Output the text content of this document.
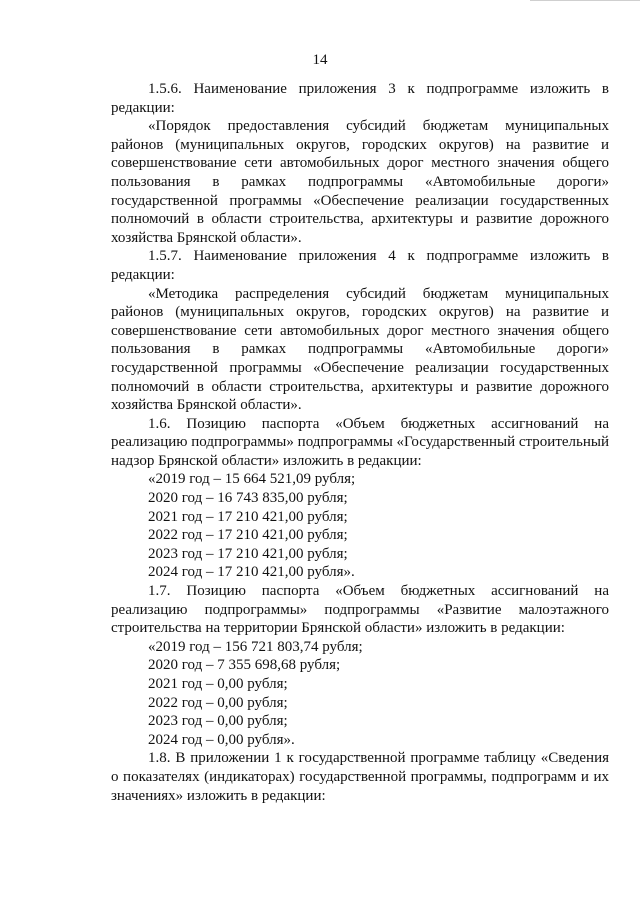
14

1.5.6. Наименование приложения 3 к подпрограмме изложить в редакции:

«Порядок предоставления субсидий бюджетам муниципальных районов (муниципальных округов, городских округов) на развитие и совершенствование сети автомобильных дорог местного значения общего пользования в рамках подпрограммы «Автомобильные дороги» государственной программы «Обеспечение реализации государственных полномочий в области строительства, архитектуры и развитие дорожного хозяйства Брянской области».

1.5.7. Наименование приложения 4 к подпрограмме изложить в редакции:

«Методика распределения субсидий бюджетам муниципальных районов (муниципальных округов, городских округов) на развитие и совершенствование сети автомобильных дорог местного значения общего пользования в рамках подпрограммы «Автомобильные дороги» государственной программы «Обеспечение реализации государственных полномочий в области строительства, архитектуры и развитие дорожного хозяйства Брянской области».

1.6. Позицию паспорта «Объем бюджетных ассигнований на реализацию подпрограммы» подпрограммы «Государственный строительный надзор Брянской области» изложить в редакции:

«2019 год – 15 664 521,09 рубля;
2020 год – 16 743 835,00 рубля;
2021 год – 17 210 421,00 рубля;
2022 год – 17 210 421,00 рубля;
2023 год – 17 210 421,00 рубля;
2024 год – 17 210 421,00 рубля».

1.7. Позицию паспорта «Объем бюджетных ассигнований на реализацию подпрограммы» подпрограммы «Развитие малоэтажного строительства на территории Брянской области» изложить в редакции:

«2019 год – 156 721 803,74 рубля;
2020 год – 7 355 698,68 рубля;
2021 год – 0,00 рубля;
2022 год – 0,00 рубля;
2023 год – 0,00 рубля;
2024 год – 0,00 рубля».

1.8. В приложении 1 к государственной программе таблицу «Сведения о показателях (индикаторах) государственной программы, подпрограмм и их значениях» изложить в редакции:
